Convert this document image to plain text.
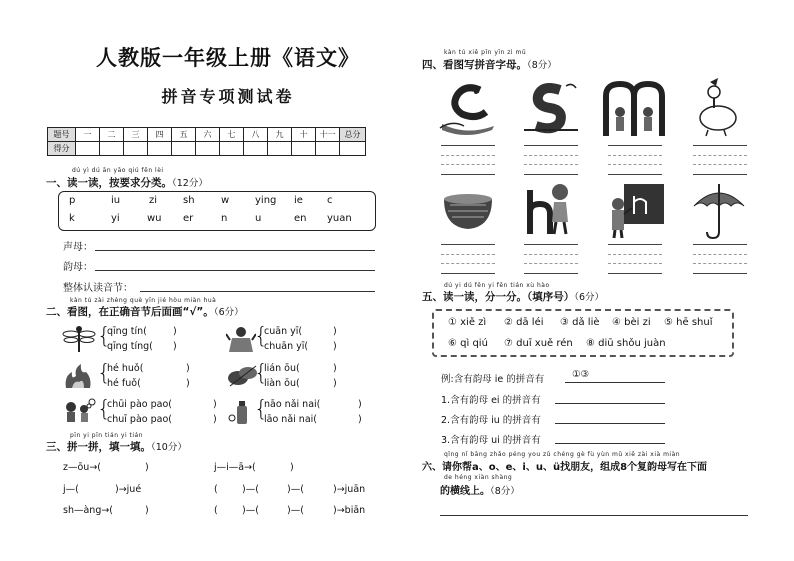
人教版一年级上册《语文》
拼音专项测试卷
题号	一	二	三	四	五	六	七	八	九	十	十一	总分
得分												
dú yì dú ān yāo qiú fēn lèi
一、读一读，按要求分类。（12分）
p	iu	zi	sh	w	ying ie c
k	yi	wu er	n	u	en yuan
声母：
韵母：
整体认读音节：
kàn tú zài zhèng què yīn jié hòu miàn huà
二、看图，在正确音节后面画“√”。（6分）
{
qīng tín(	)
qīng tíng( )
{
hé huǒ(	)
hé fuǒ(	)
{
chūi pào pao(	)
chuī pào pao(	)
{
cuān yī(	)
chuān yī(	)
{
lián ōu(	)
liàn ōu(	)
{
nāo nǎi nai(	)
lāo nǎi nai(	)
pīn yi pīn tián yi tián
三、拼一拼，填一填。（10分）
z—ōu→(	)
j—(	)→jué
sh—àng→(	)
j—i—ā→(	)
(	)—(	)—(	)→juān
(	)—(	)—(	)→biān
kàn tú xiě pīn yīn zì mǔ
四、看图写拼音字母。（8分）
dú yi dú fēn yi fēn tián xù hào
五、读一读，分一分。（填序号）（6分）
① xiě zì ② dā léi ③ dǎ liè ④ bèi zi ⑤ hē shuǐ
⑥ qì qiú ⑦ duī xuě rén ⑧ diū shǒu juàn
例:含有韵母 ie 的拼音有	①③
1.含有韵母 ei 的拼音有
2.含有韵母 iu 的拼音有
3.含有韵母 ui 的拼音有
qǐng nǐ bāng zhǎo péng you zǔ chéng gè fù yùn mǔ xiě zài xià miàn
六、请你帮a、o、e、i、u、ü找朋友，组成8个复韵母写在下面
de héng xiàn shàng
的横线上。（8分）
